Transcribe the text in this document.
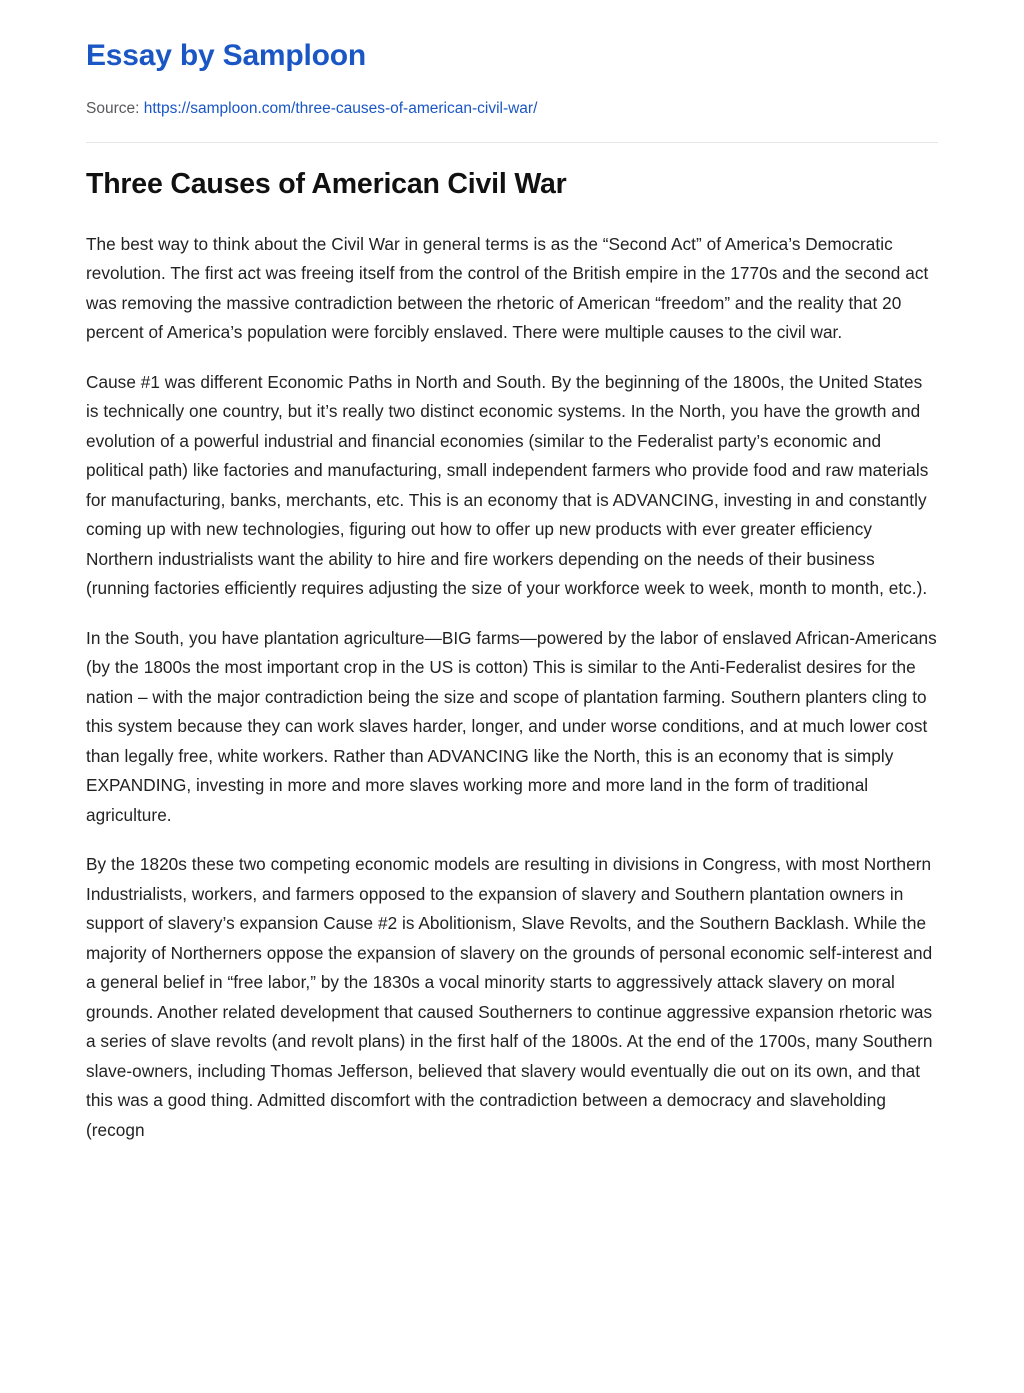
Essay by Samploon
Source: https://samploon.com/three-causes-of-american-civil-war/
Three Causes of American Civil War

The best way to think about the Civil War in general terms is as the “Second Act” of America’s Democratic revolution. The first act was freeing itself from the control of the British empire in the 1770s and the second act was removing the massive contradiction between the rhetoric of American “freedom” and the reality that 20 percent of America’s population were forcibly enslaved. There were multiple causes to the civil war.

Cause #1 was different Economic Paths in North and South. By the beginning of the 1800s, the United States is technically one country, but it’s really two distinct economic systems. In the North, you have the growth and evolution of a powerful industrial and financial economies (similar to the Federalist party’s economic and political path) like factories and manufacturing, small independent farmers who provide food and raw materials for manufacturing, banks, merchants, etc. This is an economy that is ADVANCING, investing in and constantly coming up with new technologies, figuring out how to offer up new products with ever greater efficiency Northern industrialists want the ability to hire and fire workers depending on the needs of their business (running factories efficiently requires adjusting the size of your workforce week to week, month to month, etc.).

In the South, you have plantation agriculture—BIG farms—powered by the labor of enslaved African-Americans (by the 1800s the most important crop in the US is cotton) This is similar to the Anti-Federalist desires for the nation – with the major contradiction being the size and scope of plantation farming. Southern planters cling to this system because they can work slaves harder, longer, and under worse conditions, and at much lower cost than legally free, white workers. Rather than ADVANCING like the North, this is an economy that is simply EXPANDING, investing in more and more slaves working more and more land in the form of traditional agriculture.

By the 1820s these two competing economic models are resulting in divisions in Congress, with most Northern Industrialists, workers, and farmers opposed to the expansion of slavery and Southern plantation owners in support of slavery’s expansion Cause #2 is Abolitionism, Slave Revolts, and the Southern Backlash. While the majority of Northerners oppose the expansion of slavery on the grounds of personal economic self-interest and a general belief in “free labor,” by the 1830s a vocal minority starts to aggressively attack slavery on moral grounds. Another related development that caused Southerners to continue aggressive expansion rhetoric was a series of slave revolts (and revolt plans) in the first half of the 1800s. At the end of the 1700s, many Southern slave-owners, including Thomas Jefferson, believed that slavery would eventually die out on its own, and that this was a good thing. Admitted discomfort with the contradiction between a democracy and slaveholding (recogn
